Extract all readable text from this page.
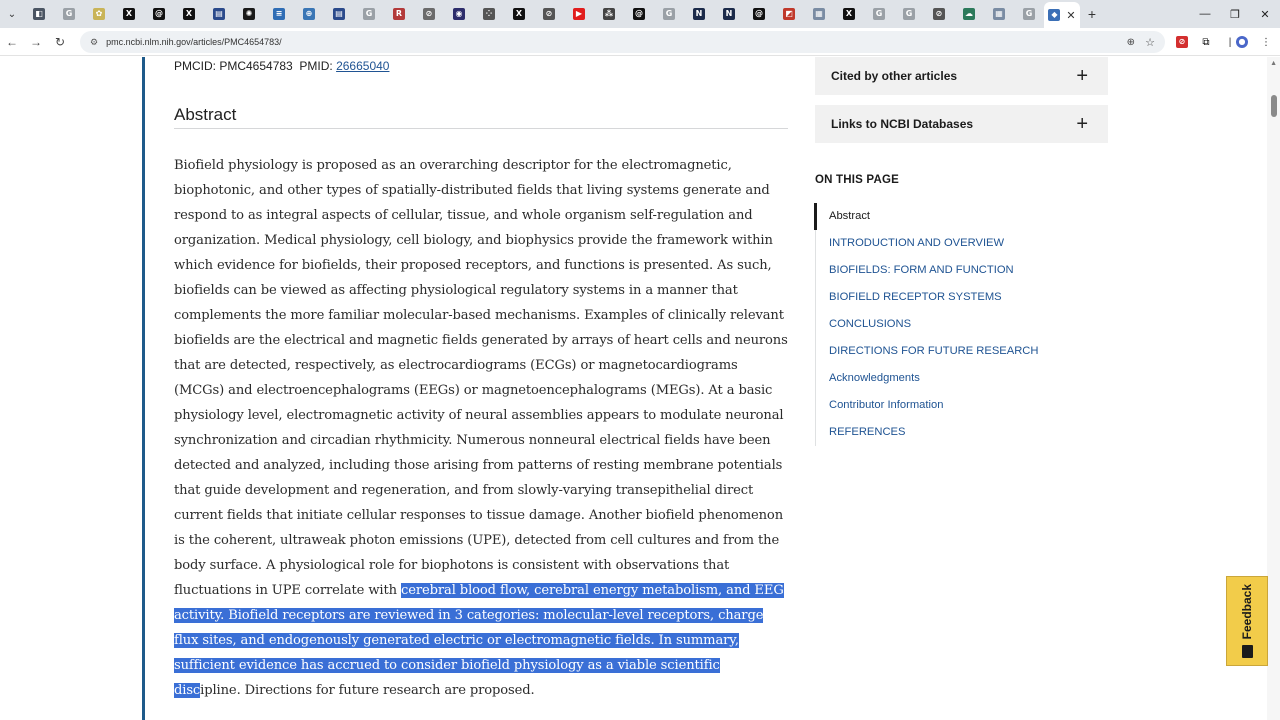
⌄	◧	G	✿	X	@	X	▤	✺	≡	⊕	▤	G	R	⊘	◉	⁘	X	⊘	▶	⁂	@	G	N	N	@	◩	▦	X	G	G	⊘	☁	▦	G	◆ ✕ +	—	❐	✕
←	→	↻	⚙ pmc.ncbi.nlm.nih.gov/articles/PMC4654783/	⊕ ☆	⊘	⧉	| ●	⋮
PMCID: PMC4654783 PMID: 26665040
Abstract

Biofield physiology is proposed as an overarching descriptor for the electromagnetic, biophotonic, and other types of spatially-distributed fields that living systems generate and respond to as integral aspects of cellular, tissue, and whole organism self-regulation and organization. Medical physiology, cell biology, and biophysics provide the framework within which evidence for biofields, their proposed receptors, and functions is presented. As such, biofields can be viewed as affecting physiological regulatory systems in a manner that complements the more familiar molecular-based mechanisms. Examples of clinically relevant biofields are the electrical and magnetic fields generated by arrays of heart cells and neurons that are detected, respectively, as electrocardiograms (ECGs) or magnetocardiograms (MCGs) and electroencephalograms (EEGs) or magnetoencephalograms (MEGs). At a basic physiology level, electromagnetic activity of neural assemblies appears to modulate neuronal synchronization and circadian rhythmicity. Numerous nonneural electrical fields have been detected and analyzed, including those arising from patterns of resting membrane potentials that guide development and regeneration, and from slowly-varying transepithelial direct current fields that initiate cellular responses to tissue damage. Another biofield phenomenon is the coherent, ultraweak photon emissions (UPE), detected from cell cultures and from the body surface. A physiological role for biophotons is consistent with observations that fluctuations in UPE correlate with cerebral blood flow, cerebral energy metabolism, and EEG activity. Biofield receptors are reviewed in 3 categories: molecular-level receptors, charge flux sites, and endogenously generated electric or electromagnetic fields. In summary, sufficient evidence has accrued to consider biofield physiology as a viable scientific discipline. Directions for future research are proposed.

Cited by other articles	+
Links to NCBI Databases	+
ON THIS PAGE
Abstract
INTRODUCTION AND OVERVIEW
BIOFIELDS: FORM AND FUNCTION
BIOFIELD RECEPTOR SYSTEMS
CONCLUSIONS
DIRECTIONS FOR FUTURE RESEARCH
Acknowledgments
Contributor Information
REFERENCES
▲
Feedback
